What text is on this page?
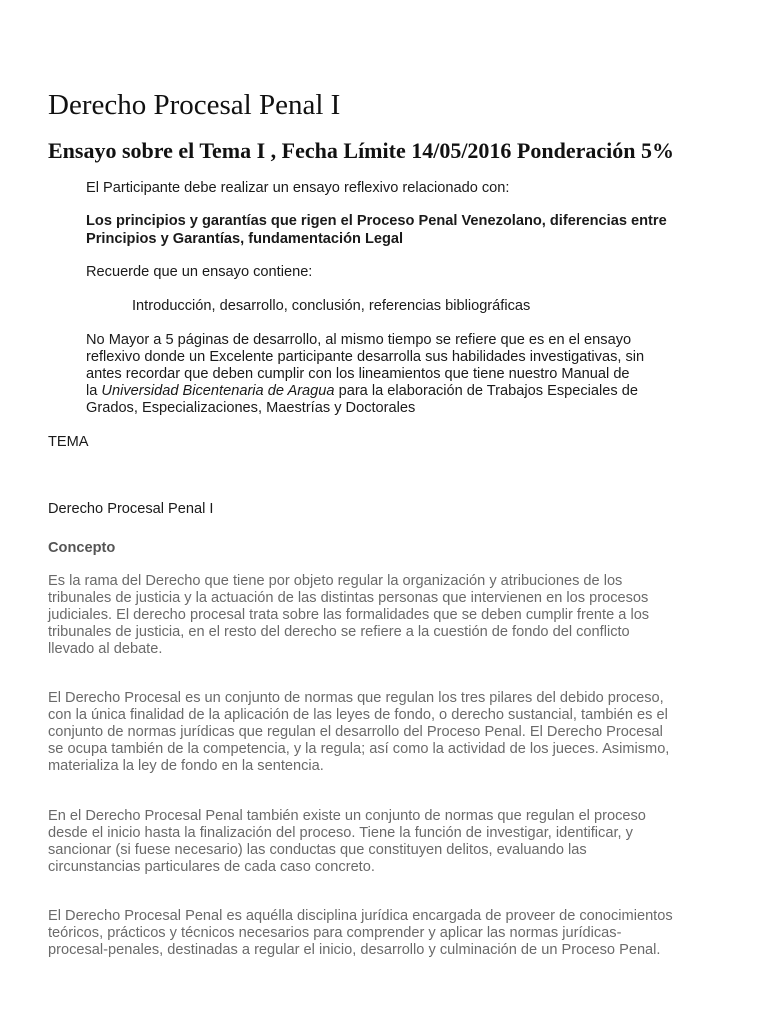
Derecho Procesal Penal I
Ensayo sobre el Tema I , Fecha Límite 14/05/2016 Ponderación 5%

El Participante debe realizar un ensayo reflexivo relacionado con:

Los principios y garantías que rigen el Proceso Penal Venezolano, diferencias entre
Principios y Garantías, fundamentación Legal

Recuerde que un ensayo contiene:

Introducción, desarrollo, conclusión, referencias bibliográficas

No Mayor a 5 páginas de desarrollo, al mismo tiempo se refiere que es en el ensayo
reflexivo donde un Excelente participante desarrolla sus habilidades investigativas, sin
antes recordar que deben cumplir con los lineamientos que tiene nuestro Manual de
la Universidad Bicentenaria de Aragua para la elaboración de Trabajos Especiales de
Grados, Especializaciones, Maestrías y Doctorales

TEMA

Derecho Procesal Penal I

Concepto

Es la rama del Derecho que tiene por objeto regular la organización y atribuciones de los
tribunales de justicia y la actuación de las distintas personas que intervienen en los procesos
judiciales. El derecho procesal trata sobre las formalidades que se deben cumplir frente a los
tribunales de justicia, en el resto del derecho se refiere a la cuestión de fondo del conflicto
llevado al debate.

El Derecho Procesal es un conjunto de normas que regulan los tres pilares del debido proceso,
con la única finalidad de la aplicación de las leyes de fondo, o derecho sustancial, también es el
conjunto de normas jurídicas que regulan el desarrollo del Proceso Penal. El Derecho Procesal
se ocupa también de la competencia, y la regula; así como la actividad de los jueces. Asimismo,
materializa la ley de fondo en la sentencia.

En el Derecho Procesal Penal también existe un conjunto de normas que regulan el proceso
desde el inicio hasta la finalización del proceso. Tiene la función de investigar, identificar, y
sancionar (si fuese necesario) las conductas que constituyen delitos, evaluando las
circunstancias particulares de cada caso concreto.

El Derecho Procesal Penal es aquélla disciplina jurídica encargada de proveer de conocimientos
teóricos, prácticos y técnicos necesarios para comprender y aplicar las normas jurídicas-
procesal-penales, destinadas a regular el inicio, desarrollo y culminación de un Proceso Penal.
